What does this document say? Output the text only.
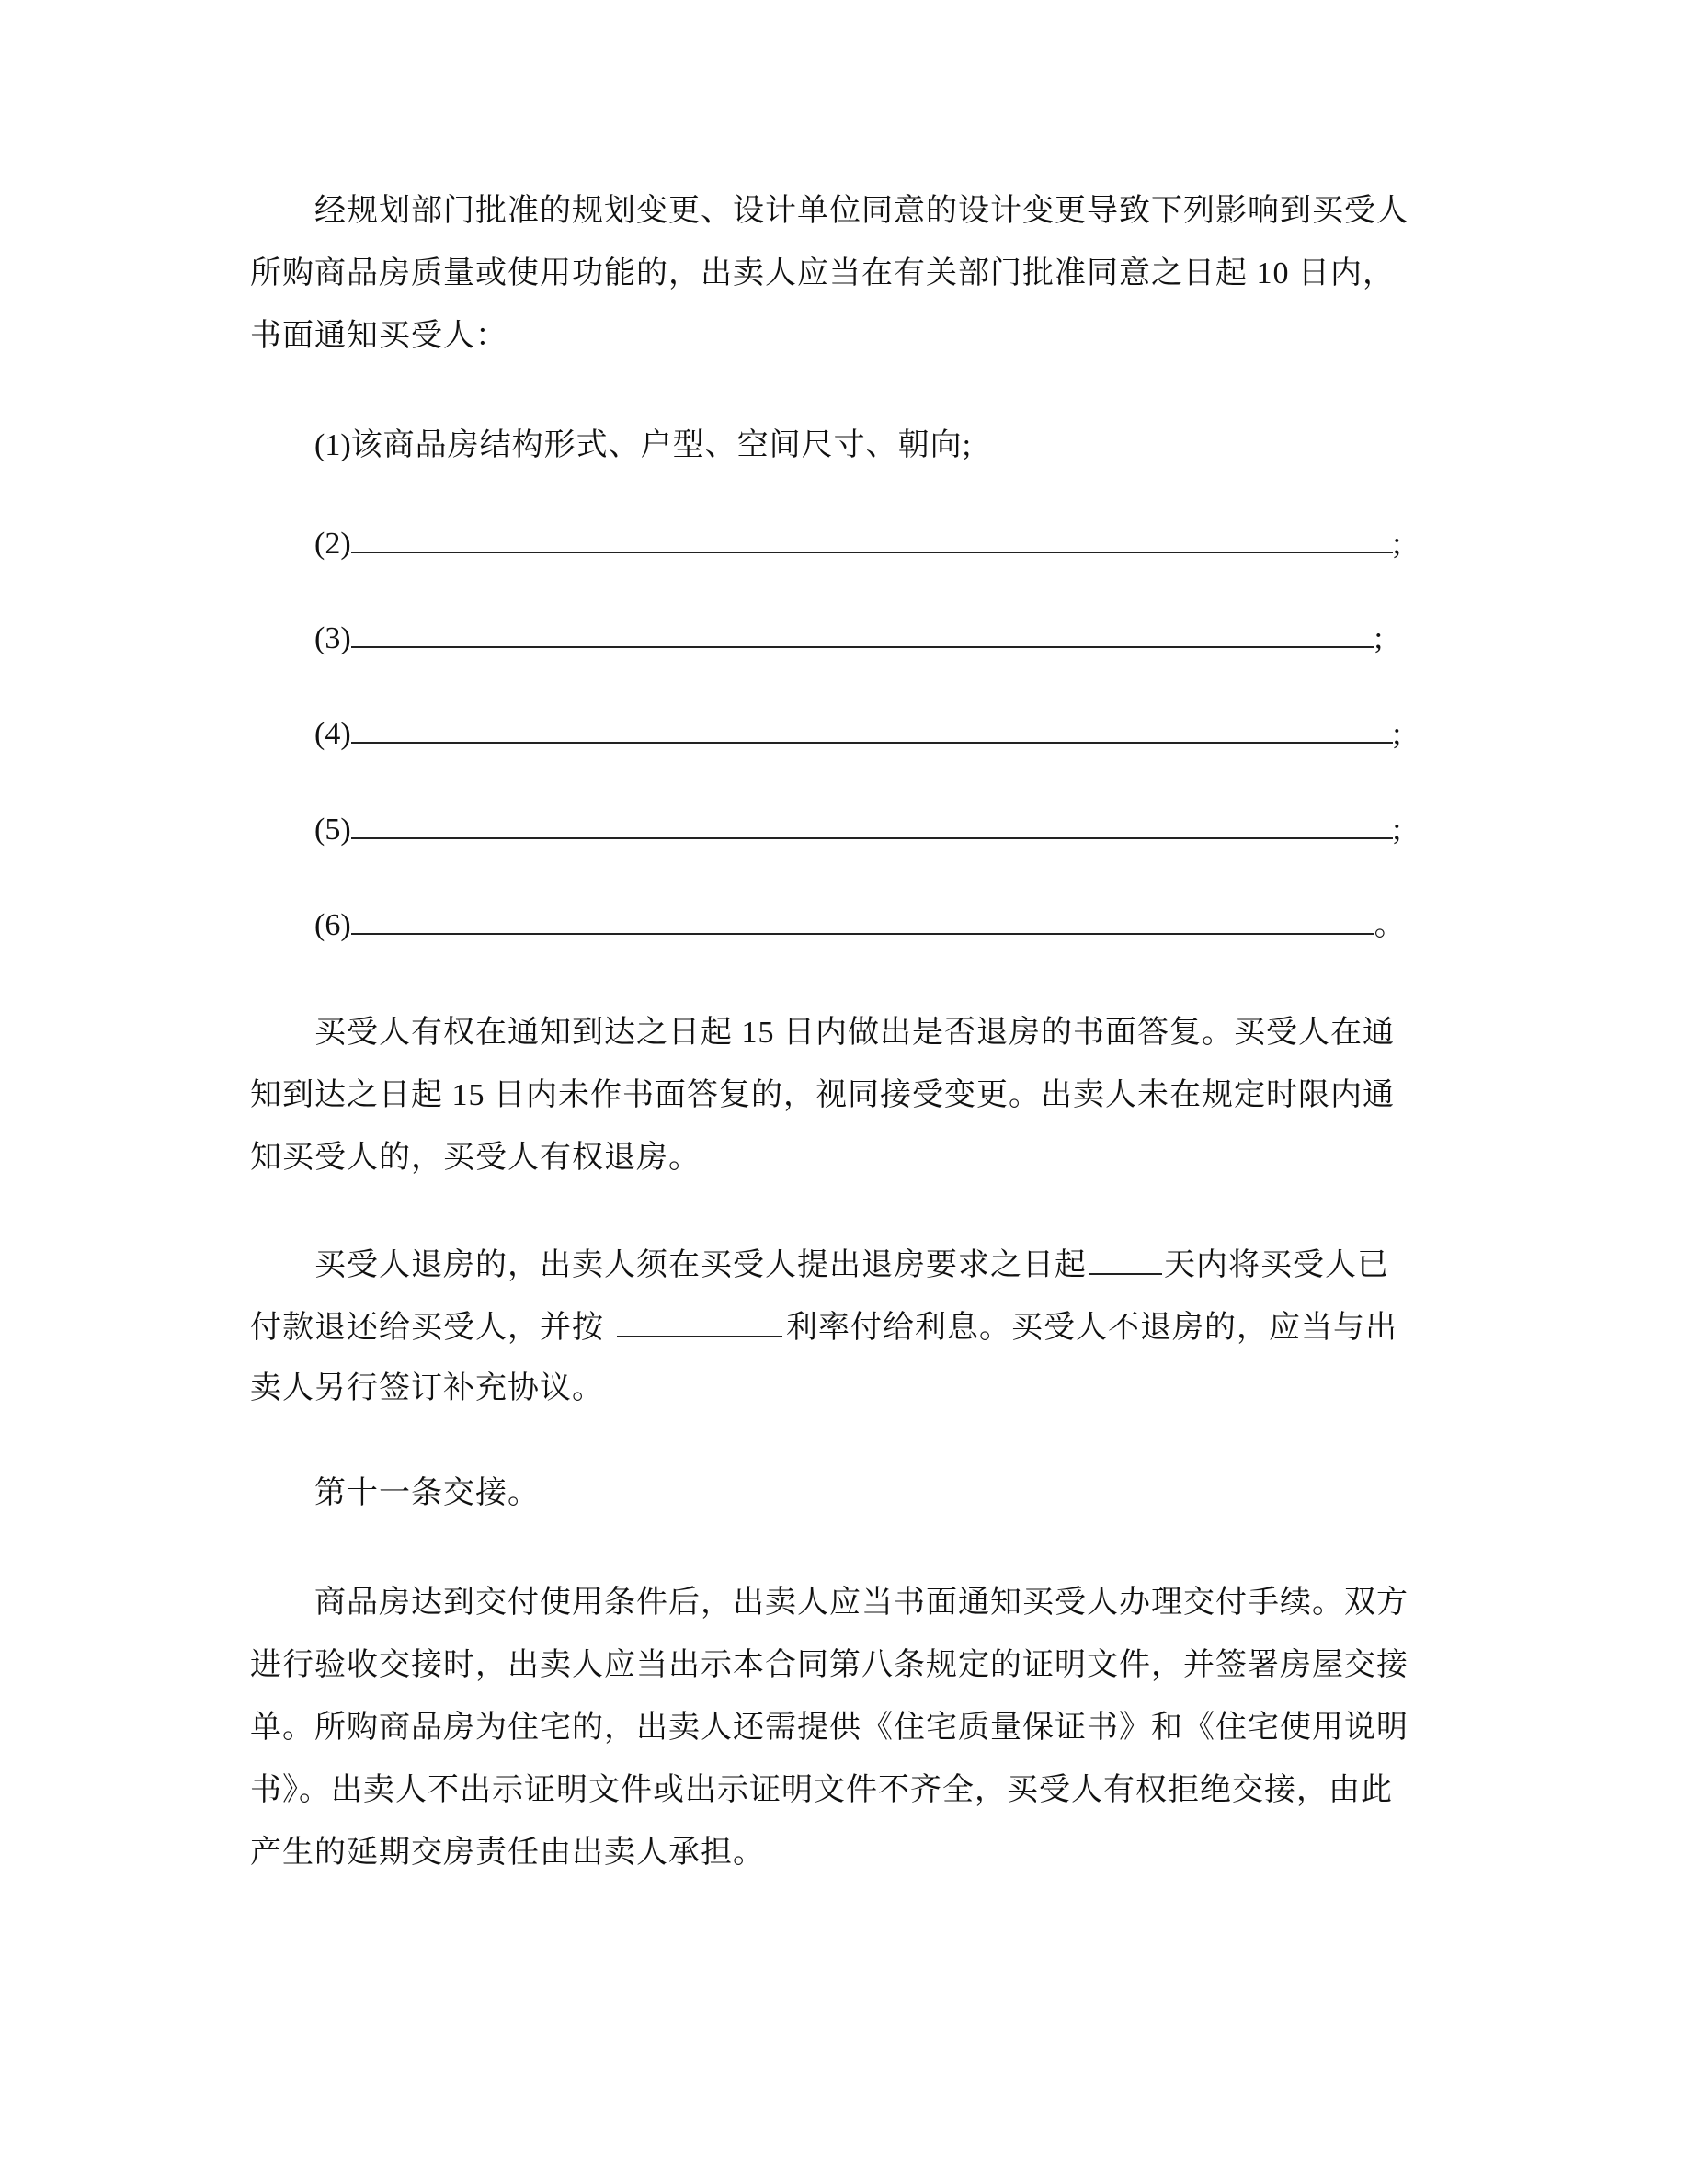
经规划部门批准的规划变更、设计单位同意的设计变更导致下列影响到买受人
所购商品房质量或使用功能的，出卖人应当在有关部门批准同意之日起 10 日内，
书面通知买受人：
(1)该商品房结构形式、户型、空间尺寸、朝向;
(2)	;
(3)	;
(4)	;
(5)	;
(6)	。
买受人有权在通知到达之日起 15 日内做出是否退房的书面答复。买受人在通
知到达之日起 15 日内未作书面答复的，视同接受变更。出卖人未在规定时限内通
知买受人的，买受人有权退房。
买受人退房的，出卖人须在买受人提出退房要求之日起 天内将买受人已
付款退还给买受人，并按	利率付给利息。买受人不退房的，应当与出
卖人另行签订补充协议。
第十一条交接。
商品房达到交付使用条件后，出卖人应当书面通知买受人办理交付手续。双方
进行验收交接时，出卖人应当出示本合同第八条规定的证明文件，并签署房屋交接
单。所购商品房为住宅的，出卖人还需提供《住宅质量保证书》和《住宅使用说明
书》。出卖人不出示证明文件或出示证明文件不齐全，买受人有权拒绝交接，由此
产生的延期交房责任由出卖人承担。
